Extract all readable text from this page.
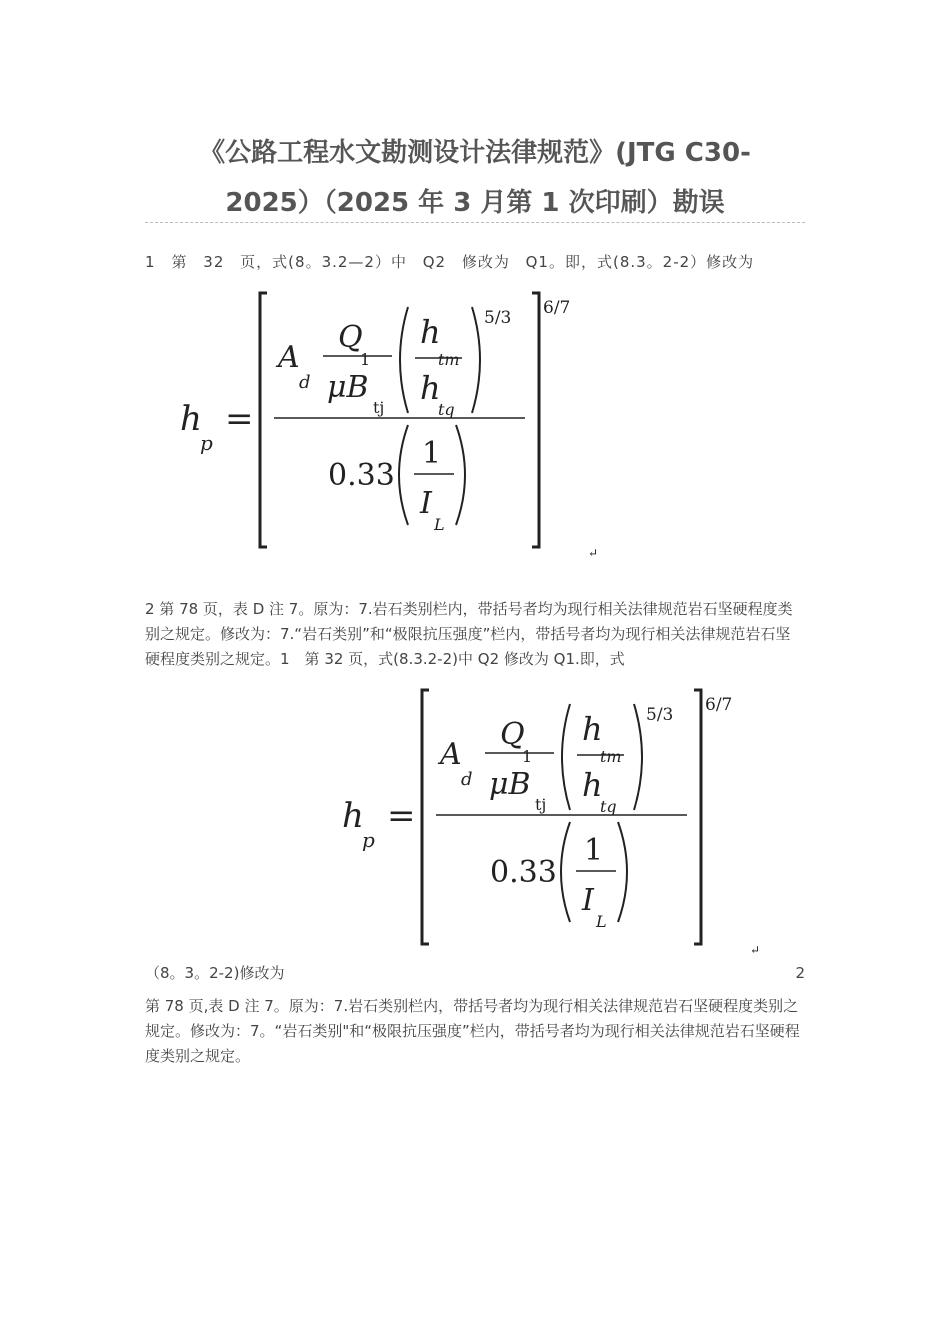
《公路工程水文勘测设计法律规范》(JTG C30-
2025）（2025 年 3 月第 1 次印刷）勘误
1　第 32 页，式(8。3.2—2）中 Q2 修改为 Q1。即，式(8.3。2-2）修改为
h
p
=
6/7
A
d
Q
1
μB
tj
h
tm
h
tq
5/3
0.33
1
I
L
↵
2 第 78 页，表 D 注 7。原为：7.岩石类别栏内，带括号者均为现行相关法律规范岩石坚硬程度类别之规定。修改为：7.“岩石类别”和“极限抗压强度”栏内，带括号者均为现行相关法律规范岩石坚硬程度类别之规定。1　第 32 页，式(8.3.2-2)中 Q2 修改为 Q1.即，式
h
p
=
6/7
A
d
Q
1
μB
tj
h
tm
h
tq
5/3
0.33
1
I
L
↵
（8。3。2-2)修改为	2
第 78 页,表 D 注 7。原为：7.岩石类别栏内，带括号者均为现行相关法律规范岩石坚硬程度类别之规定。修改为：7。“岩石类别"和“极限抗压强度”栏内，带括号者均为现行相关法律规范岩石坚硬程度类别之规定。
